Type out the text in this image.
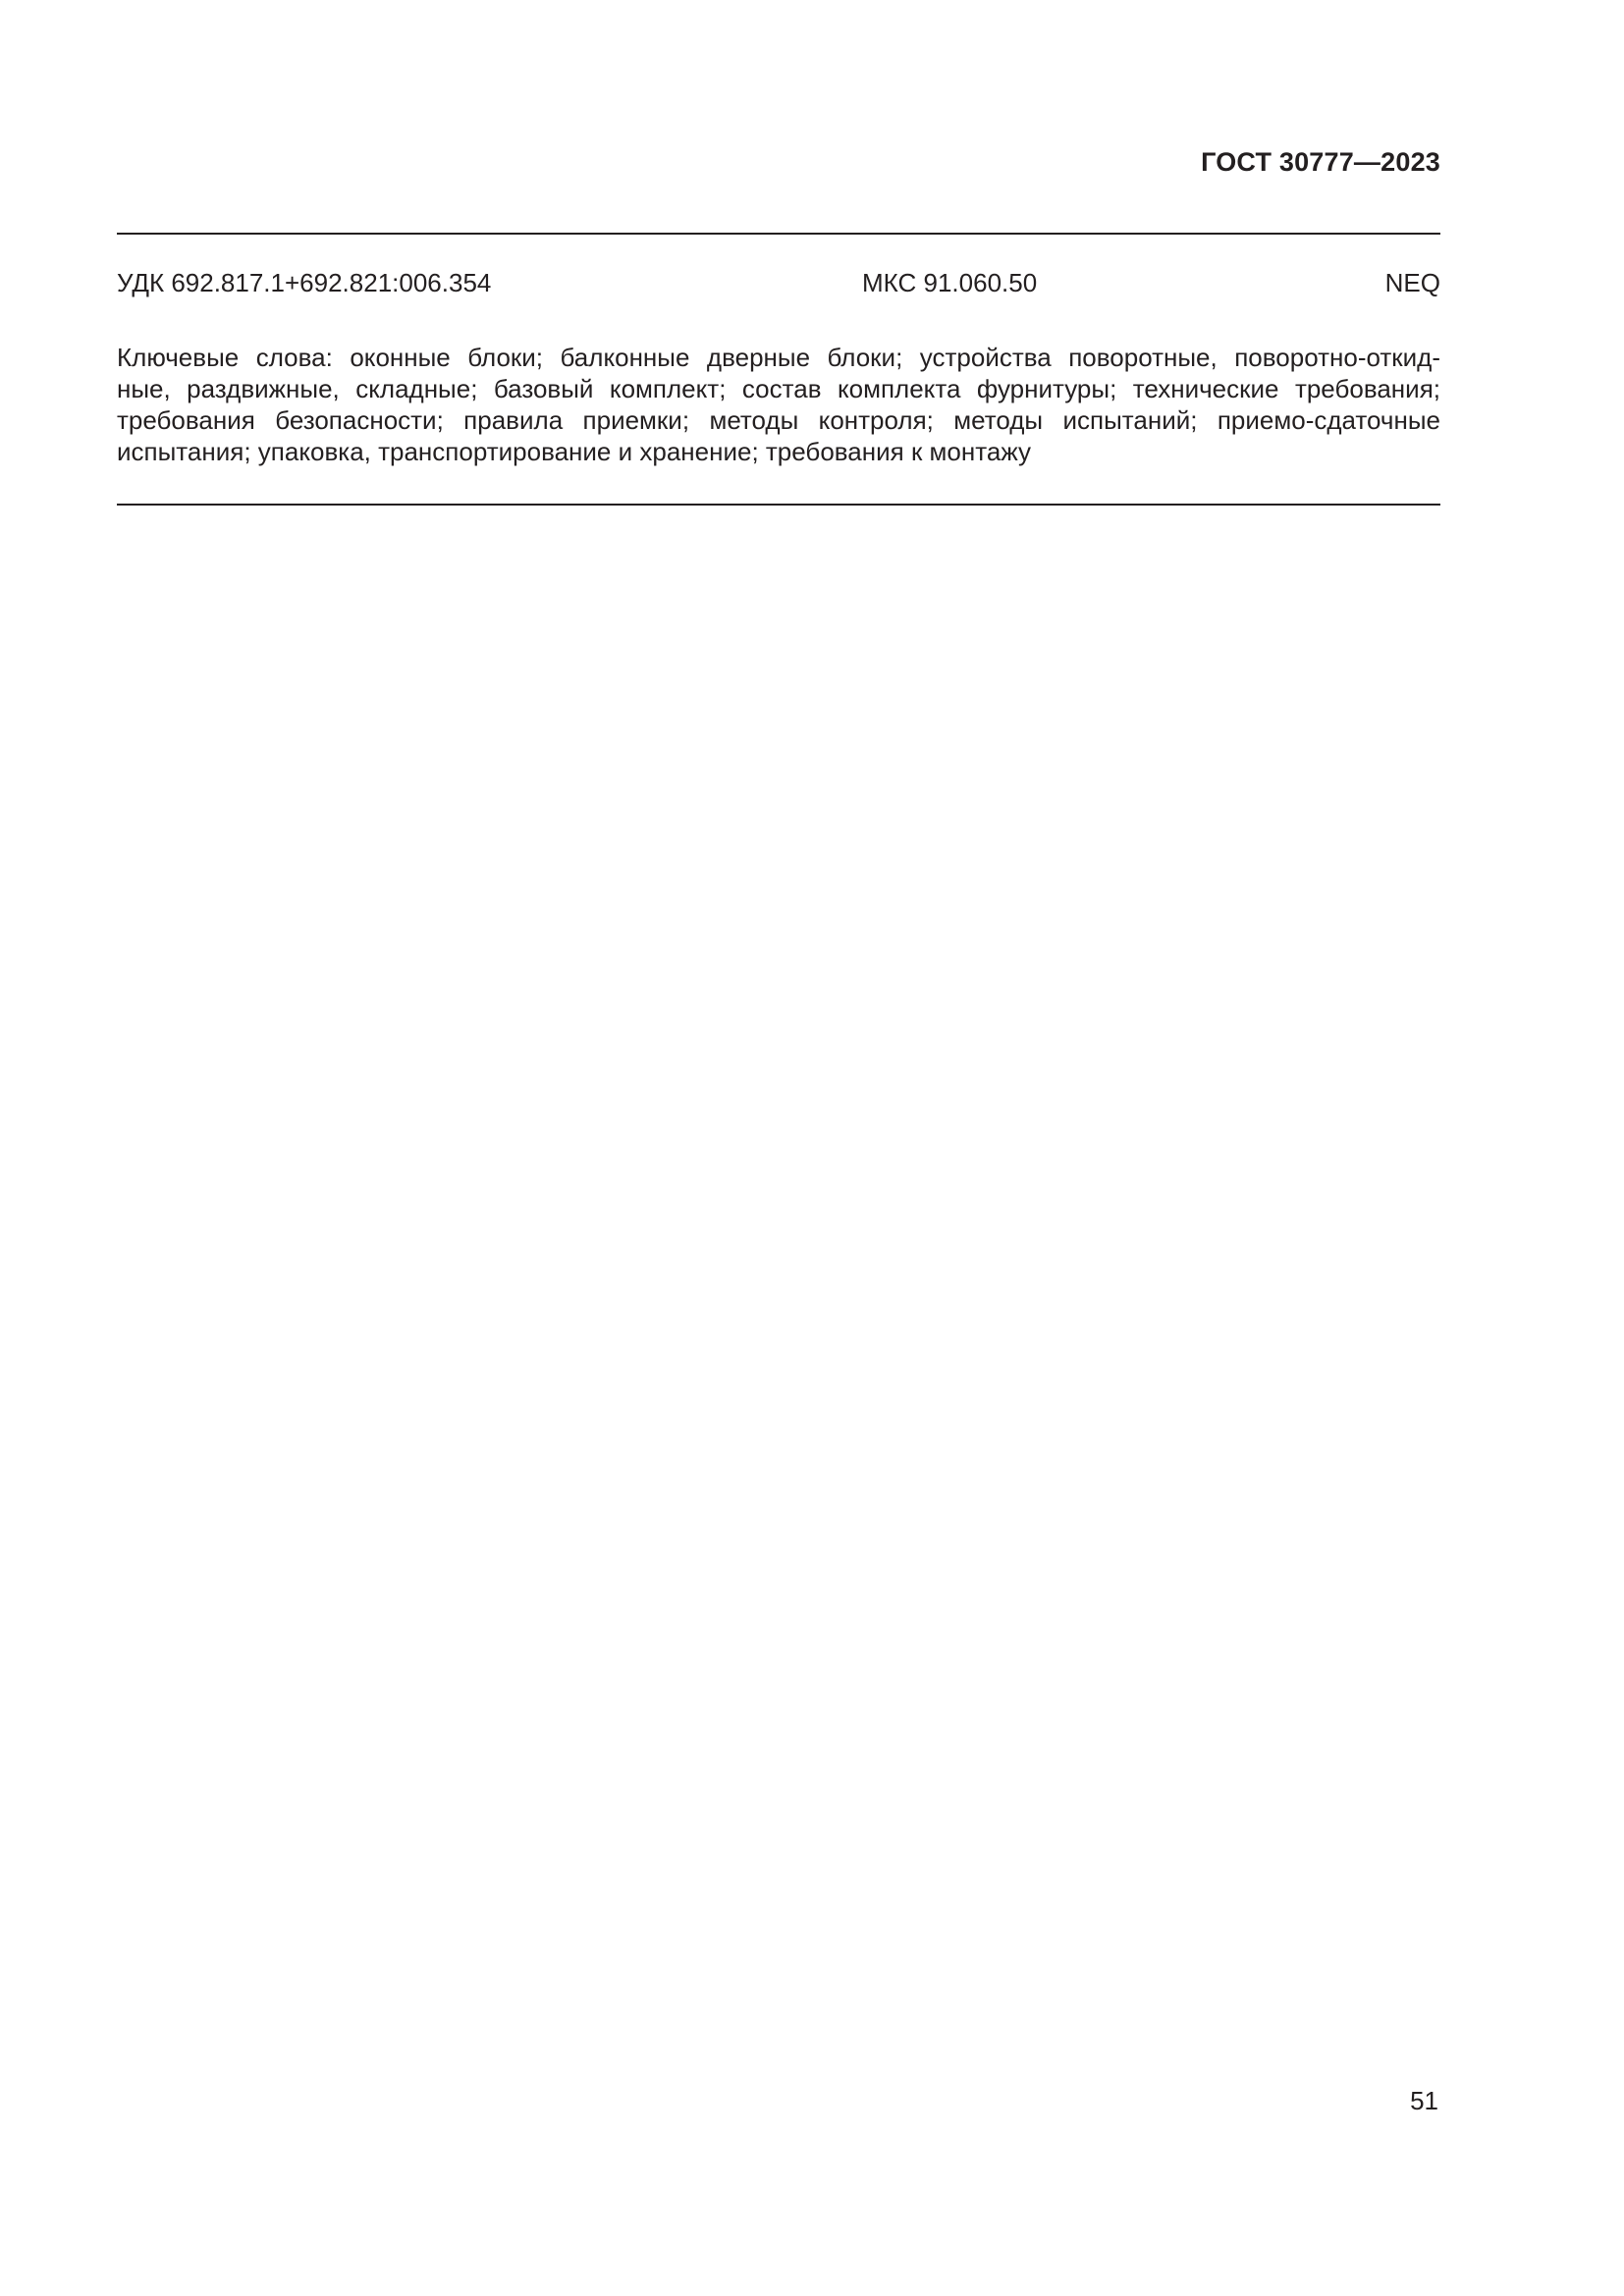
ГОСТ 30777—2023
УДК 692.817.1+692.821:006.354	МКС 91.060.50	NEQ
Ключевые слова: оконные блоки; балконные дверные блоки; устройства поворотные, поворотно-откид-
ные, раздвижные, складные; базовый комплект; состав комплекта фурнитуры; технические требования;
требования безопасности; правила приемки; методы контроля; методы испытаний; приемо-сдаточные
испытания; упаковка, транспортирование и хранение; требования к монтажу
51
